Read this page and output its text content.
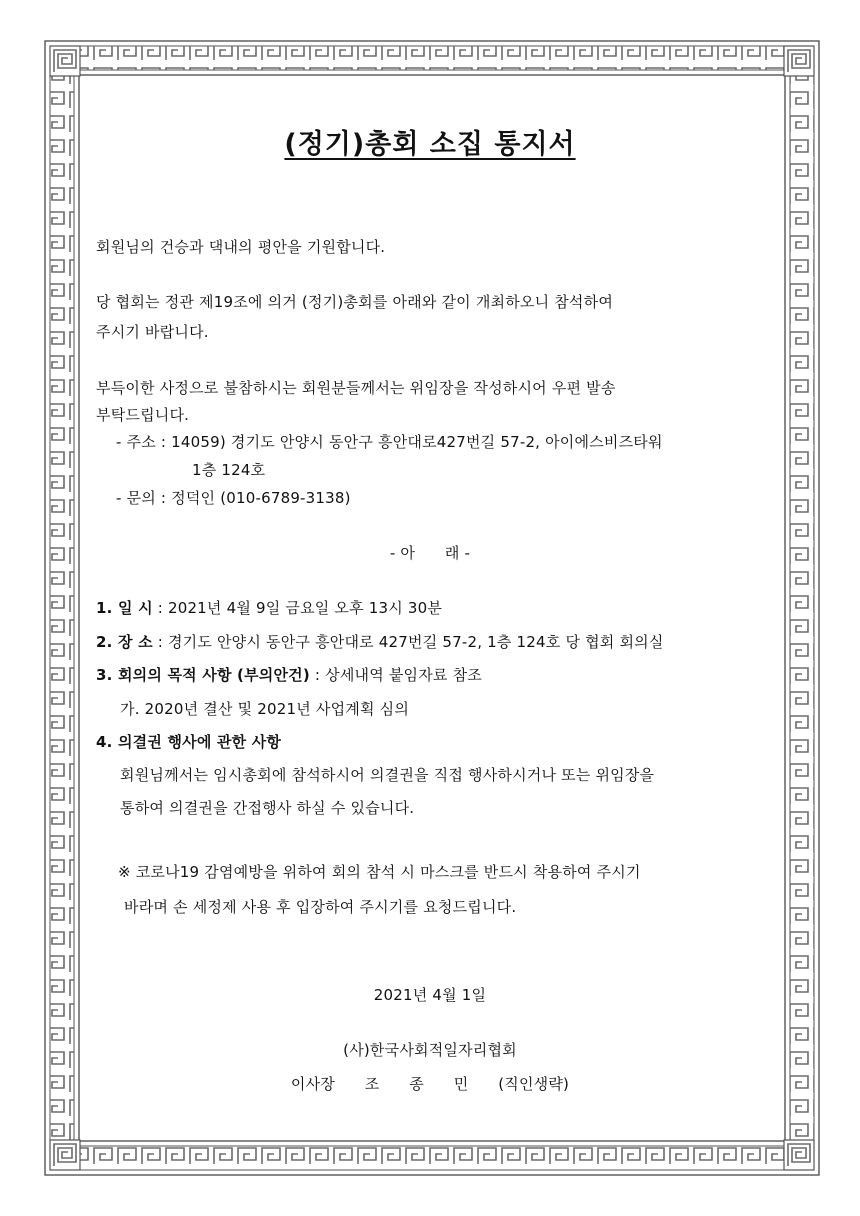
(정기)총회 소집 통지서
회원님의 건승과 댁내의 평안을 기원합니다.
당 협회는 정관 제19조에 의거 (정기)총회를 아래와 같이 개최하오니 참석하여
주시기 바랍니다.
부득이한 사정으로 불참하시는 회원분들께서는 위임장을 작성하시어 우편 발송
부탁드립니다.
- 주소 : 14059) 경기도 안양시 동안구 흥안대로427번길 57-2, 아이에스비즈타워
1층 124호
- 문의 : 정덕인 (010-6789-3138)
- 아      래 -
1. 일 시 : 2021년 4월 9일 금요일 오후 13시 30분
2. 장 소 : 경기도 안양시 동안구 흥안대로 427번길 57-2, 1층 124호 당 협회 회의실
3. 회의의 목적 사항 (부의안건) : 상세내역 붙임자료 참조
가. 2020년 결산 및 2021년 사업계획 심의
4. 의결권 행사에 관한 사항
회원님께서는 임시총회에 참석하시어 의결권을 직접 행사하시거나 또는 위임장을
통하여 의결권을 간접행사 하실 수 있습니다.
※ 코로나19 감염예방을 위하여 회의 참석 시 마스크를 반드시 착용하여 주시기
바라며 손 세정제 사용 후 입장하여 주시기를 요청드립니다.
2021년 4월 1일
(사)한국사회적일자리협회
이사장      조      종      민      (직인생략)
